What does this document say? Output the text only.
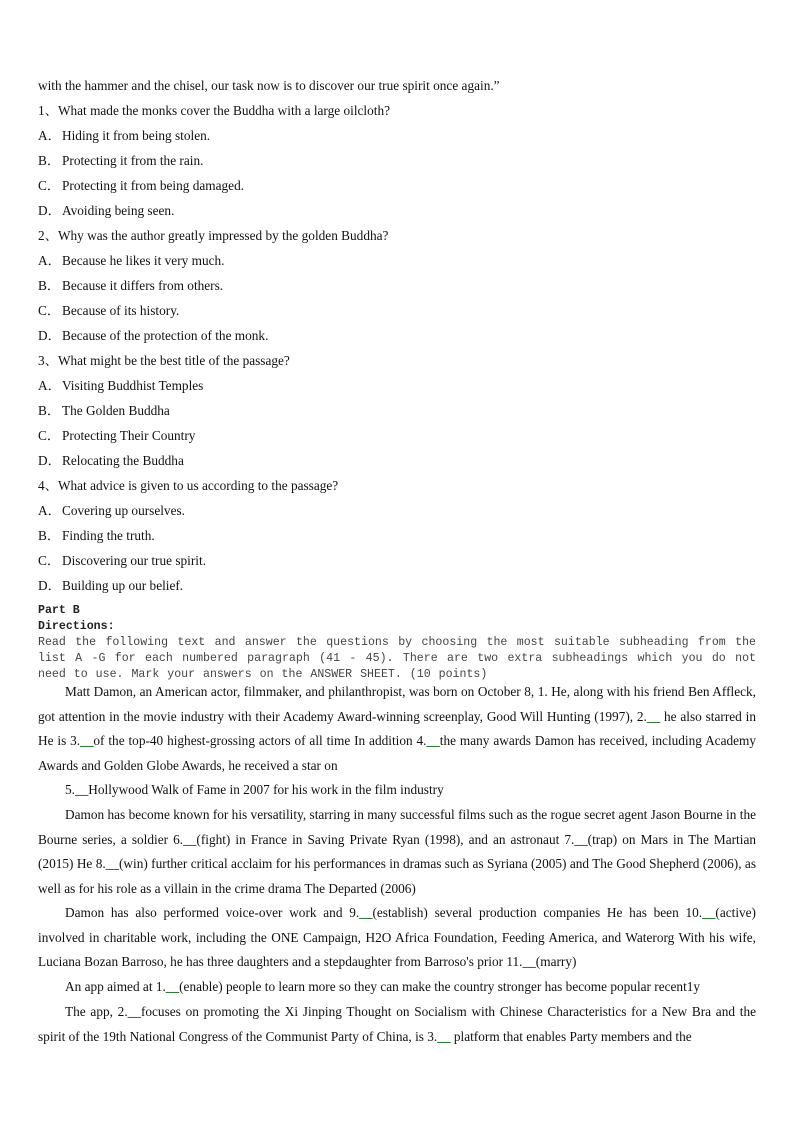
with the hammer and the chisel, our task now is to discover our true spirit once again.”
1、What made the monks cover the Buddha with a large oilcloth?
A．Hiding it from being stolen.
B． Protecting it from the rain.
C． Protecting it from being damaged.
D．Avoiding being seen.
2、Why was the author greatly impressed by the golden Buddha?
A．Because he likes it very much.
B． Because it differs from others.
C． Because of its history.
D．Because of the protection of the monk.
3、What might be the best title of the passage?
A．Visiting Buddhist Temples
B． The Golden Buddha
C． Protecting Their Country
D．Relocating the Buddha
4、What advice is given to us according to the passage?
A．Covering up ourselves.
B． Finding the truth.
C． Discovering our true spirit.
D．Building up our belief.
Part B
Directions:
Read the following text and answer the questions by choosing the most suitable subheading from the list A -G for each numbered paragraph (41 - 45). There are two extra subheadings which you do not need to use. Mark your answers on the ANSWER SHEET. (10 points)
Matt Damon, an American actor, filmmaker, and philanthropist, was born on October 8, 1. He, along with his friend Ben Affleck, got attention in the movie industry with their Academy Award-winning screenplay, Good Will Hunting (1997), 2.__ he also starred in He is 3.__of the top-40 highest-grossing actors of all time In addition 4.__the many awards Damon has received, including Academy Awards and Golden Globe Awards, he received a star on
5.__Hollywood Walk of Fame in 2007 for his work in the film industry
Damon has become known for his versatility, starring in many successful films such as the rogue secret agent Jason Bourne in the Bourne series, a soldier 6.__(fight) in France in Saving Private Ryan (1998), and an astronaut 7.__(trap) on Mars in The Martian (2015) He 8.__(win) further critical acclaim for his performances in dramas such as Syriana (2005) and The Good Shepherd (2006), as well as for his role as a villain in the crime drama The Departed (2006)
Damon has also performed voice-over work and 9.__(establish) several production companies He has been 10.__(active) involved in charitable work, including the ONE Campaign, H2O Africa Foundation, Feeding America, and Waterorg With his wife, Luciana Bozan Barroso, he has three daughters and a stepdaughter from Barroso's prior 11.__(marry)
An app aimed at 1.__(enable) people to learn more so they can make the country stronger has become popular recent1y
The app, 2.__focuses on promoting the Xi Jinping Thought on Socialism with Chinese Characteristics for a New Bra and the spirit of the 19th National Congress of the Communist Party of China, is 3.__ platform that enables Party members and the
